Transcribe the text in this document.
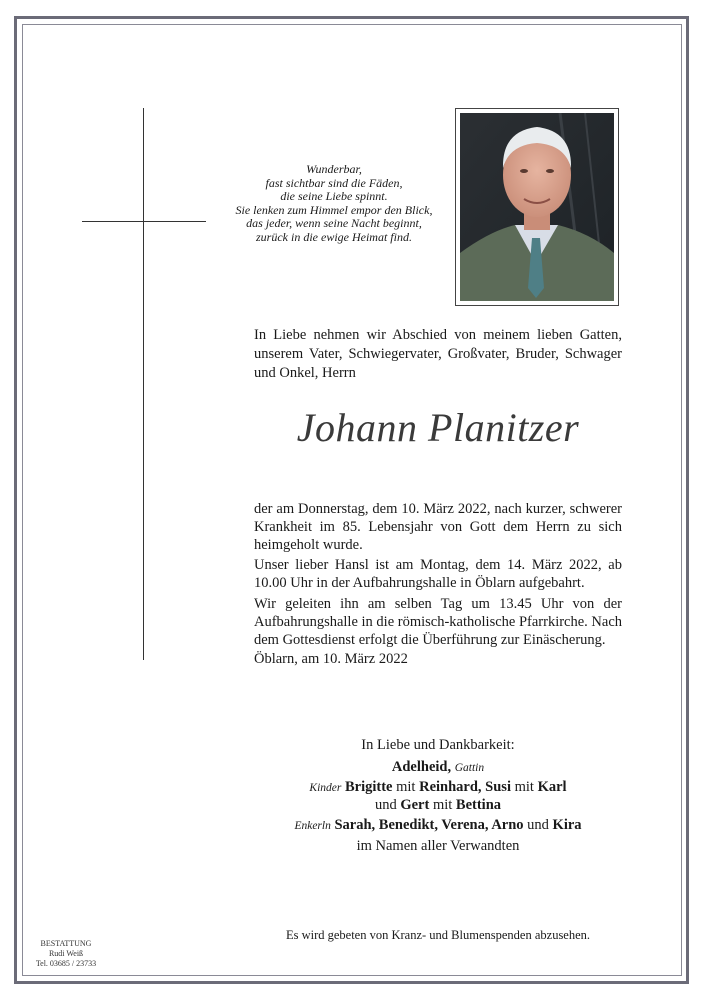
Wunderbar,
fast sichtbar sind die Fäden,
die seine Liebe spinnt.
Sie lenken zum Himmel empor den Blick,
das jeder, wenn seine Nacht beginnt,
zurück in die ewige Heimat find.
In Liebe nehmen wir Abschied von meinem lieben Gatten, unserem Vater, Schwiegervater, Großvater, Bruder, Schwager und Onkel, Herrn
Johann Planitzer
der am Donnerstag, dem 10. März 2022, nach kurzer, schwerer Krankheit im 85. Lebensjahr von Gott dem Herrn zu sich heimgeholt wurde.
Unser lieber Hansl ist am Montag, dem 14. März 2022, ab 10.00 Uhr in der Aufbahrungshalle in Öblarn aufgebahrt.
Wir geleiten ihn am selben Tag um 13.45 Uhr von der Aufbahrungshalle in die römisch-katholische Pfarrkirche. Nach dem Gottesdienst erfolgt die Überführung zur Einäscherung.
Öblarn, am 10. März 2022
In Liebe und Dankbarkeit:
Adelheid, Gattin
Kinder Brigitte mit Reinhard, Susi mit Karl
und Gert mit Bettina
Enkerln Sarah, Benedikt, Verena, Arno und Kira
im Namen aller Verwandten
Es wird gebeten von Kranz- und Blumenspenden abzusehen.
BESTATTUNG
Rudi Weiß
Tel. 03685 / 23733
